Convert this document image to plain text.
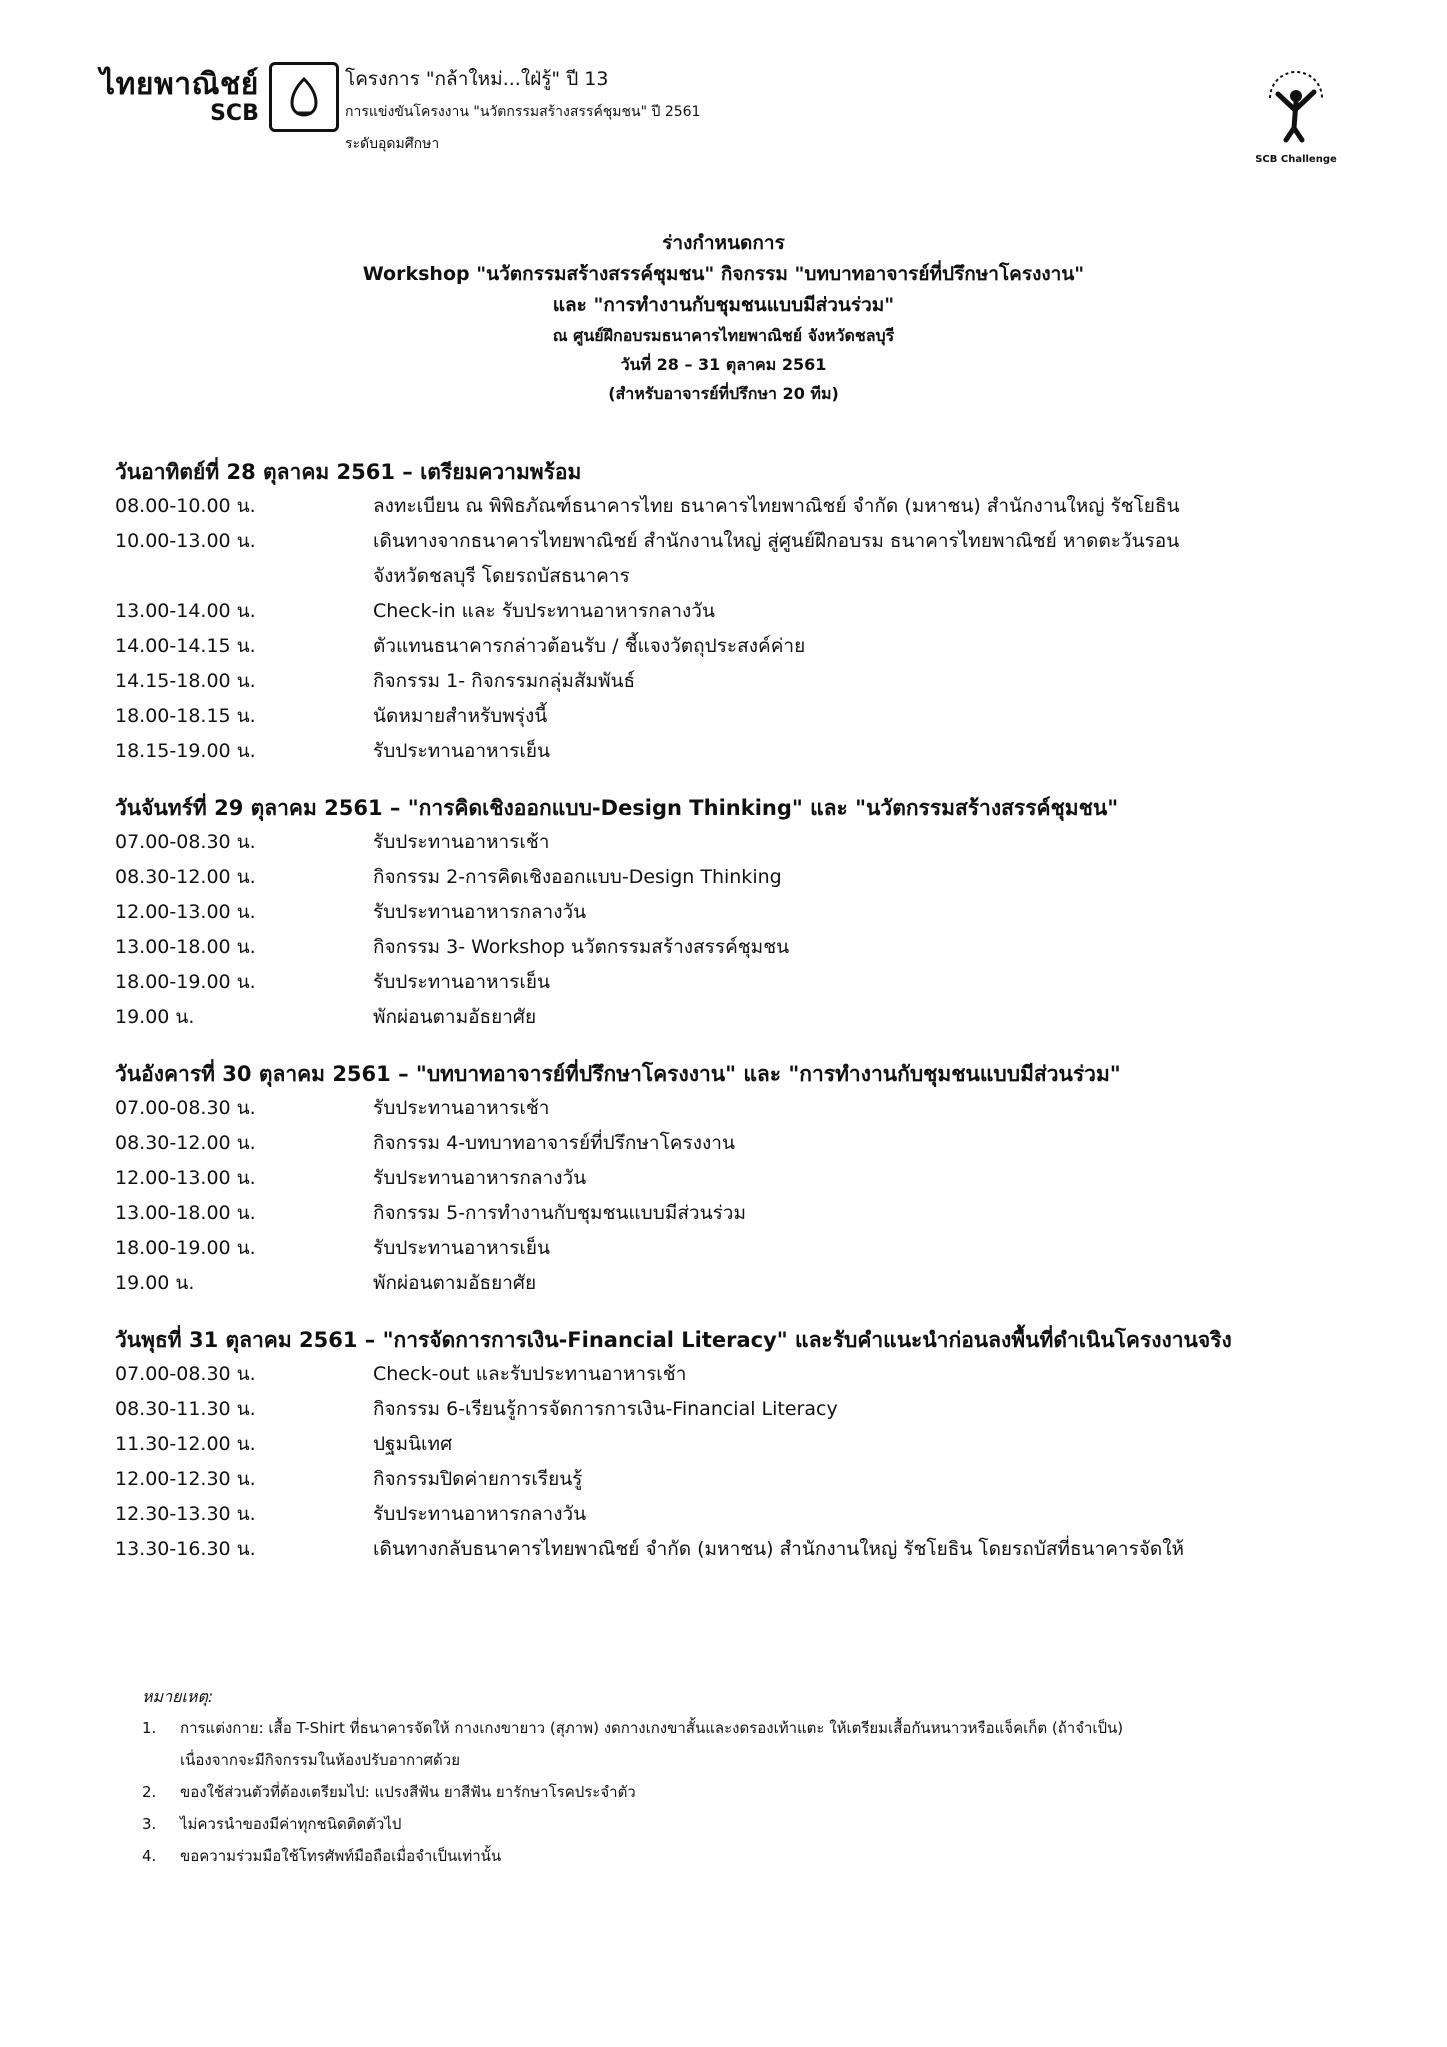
ไทยพาณิชย์
SCB
โครงการ "กล้าใหม่...ใฝ่รู้" ปี 13
การแข่งขันโครงงาน "นวัตกรรมสร้างสรรค์ชุมชน" ปี 2561
ระดับอุดมศึกษา
SCB Challenge
ร่างกำหนดการ
Workshop "นวัตกรรมสร้างสรรค์ชุมชน" กิจกรรม "บทบาทอาจารย์ที่ปรึกษาโครงงาน"
และ "การทำงานกับชุมชนแบบมีส่วนร่วม"
ณ ศูนย์ฝึกอบรมธนาคารไทยพาณิชย์ จังหวัดชลบุรี
วันที่ 28 – 31 ตุลาคม 2561
(สำหรับอาจารย์ที่ปรึกษา 20 ทีม)
วันอาทิตย์ที่ 28 ตุลาคม 2561 – เตรียมความพร้อม
08.00-10.00 น.	ลงทะเบียน ณ พิพิธภัณฑ์ธนาคารไทย ธนาคารไทยพาณิชย์ จำกัด (มหาชน) สำนักงานใหญ่ รัชโยธิน
10.00-13.00 น.	เดินทางจากธนาคารไทยพาณิชย์ สำนักงานใหญ่ สู่ศูนย์ฝึกอบรม ธนาคารไทยพาณิชย์ หาดตะวันรอน
จังหวัดชลบุรี โดยรถบัสธนาคาร
13.00-14.00 น.	Check-in และ รับประทานอาหารกลางวัน
14.00-14.15 น.	ตัวแทนธนาคารกล่าวต้อนรับ / ชี้แจงวัตถุประสงค์ค่าย
14.15-18.00 น.	กิจกรรม 1- กิจกรรมกลุ่มสัมพันธ์
18.00-18.15 น.	นัดหมายสำหรับพรุ่งนี้
18.15-19.00 น.	รับประทานอาหารเย็น
วันจันทร์ที่ 29 ตุลาคม 2561 – "การคิดเชิงออกแบบ-Design Thinking" และ "นวัตกรรมสร้างสรรค์ชุมชน"
07.00-08.30 น.	รับประทานอาหารเช้า
08.30-12.00 น.	กิจกรรม 2-การคิดเชิงออกแบบ-Design Thinking
12.00-13.00 น.	รับประทานอาหารกลางวัน
13.00-18.00 น.	กิจกรรม 3- Workshop นวัตกรรมสร้างสรรค์ชุมชน
18.00-19.00 น.	รับประทานอาหารเย็น
19.00 น.	พักผ่อนตามอัธยาศัย
วันอังคารที่ 30 ตุลาคม 2561 – "บทบาทอาจารย์ที่ปรึกษาโครงงาน" และ "การทำงานกับชุมชนแบบมีส่วนร่วม"
07.00-08.30 น.	รับประทานอาหารเช้า
08.30-12.00 น.	กิจกรรม 4-บทบาทอาจารย์ที่ปรึกษาโครงงาน
12.00-13.00 น.	รับประทานอาหารกลางวัน
13.00-18.00 น.	กิจกรรม 5-การทำงานกับชุมชนแบบมีส่วนร่วม
18.00-19.00 น.	รับประทานอาหารเย็น
19.00 น.	พักผ่อนตามอัธยาศัย
วันพุธที่ 31 ตุลาคม 2561 – "การจัดการการเงิน-Financial Literacy" และรับคำแนะนำก่อนลงพื้นที่ดำเนินโครงงานจริง
07.00-08.30 น.	Check-out และรับประทานอาหารเช้า
08.30-11.30 น.	กิจกรรม 6-เรียนรู้การจัดการการเงิน-Financial Literacy
11.30-12.00 น.	ปฐมนิเทศ
12.00-12.30 น.	กิจกรรมปิดค่ายการเรียนรู้
12.30-13.30 น.	รับประทานอาหารกลางวัน
13.30-16.30 น.	เดินทางกลับธนาคารไทยพาณิชย์ จำกัด (มหาชน) สำนักงานใหญ่ รัชโยธิน โดยรถบัสที่ธนาคารจัดให้
หมายเหตุ:
1.	การแต่งกาย: เสื้อ T-Shirt ที่ธนาคารจัดให้ กางเกงขายาว (สุภาพ) งดกางเกงขาสั้นและงดรองเท้าแตะ ให้เตรียมเสื้อกันหนาวหรือแจ็คเก็ต (ถ้าจำเป็น)
เนื่องจากจะมีกิจกรรมในห้องปรับอากาศด้วย
2.	ของใช้ส่วนตัวที่ต้องเตรียมไป: แปรงสีฟัน ยาสีฟัน ยารักษาโรคประจำตัว
3.	ไม่ควรนำของมีค่าทุกชนิดติดตัวไป
4.	ขอความร่วมมือใช้โทรศัพท์มือถือเมื่อจำเป็นเท่านั้น
